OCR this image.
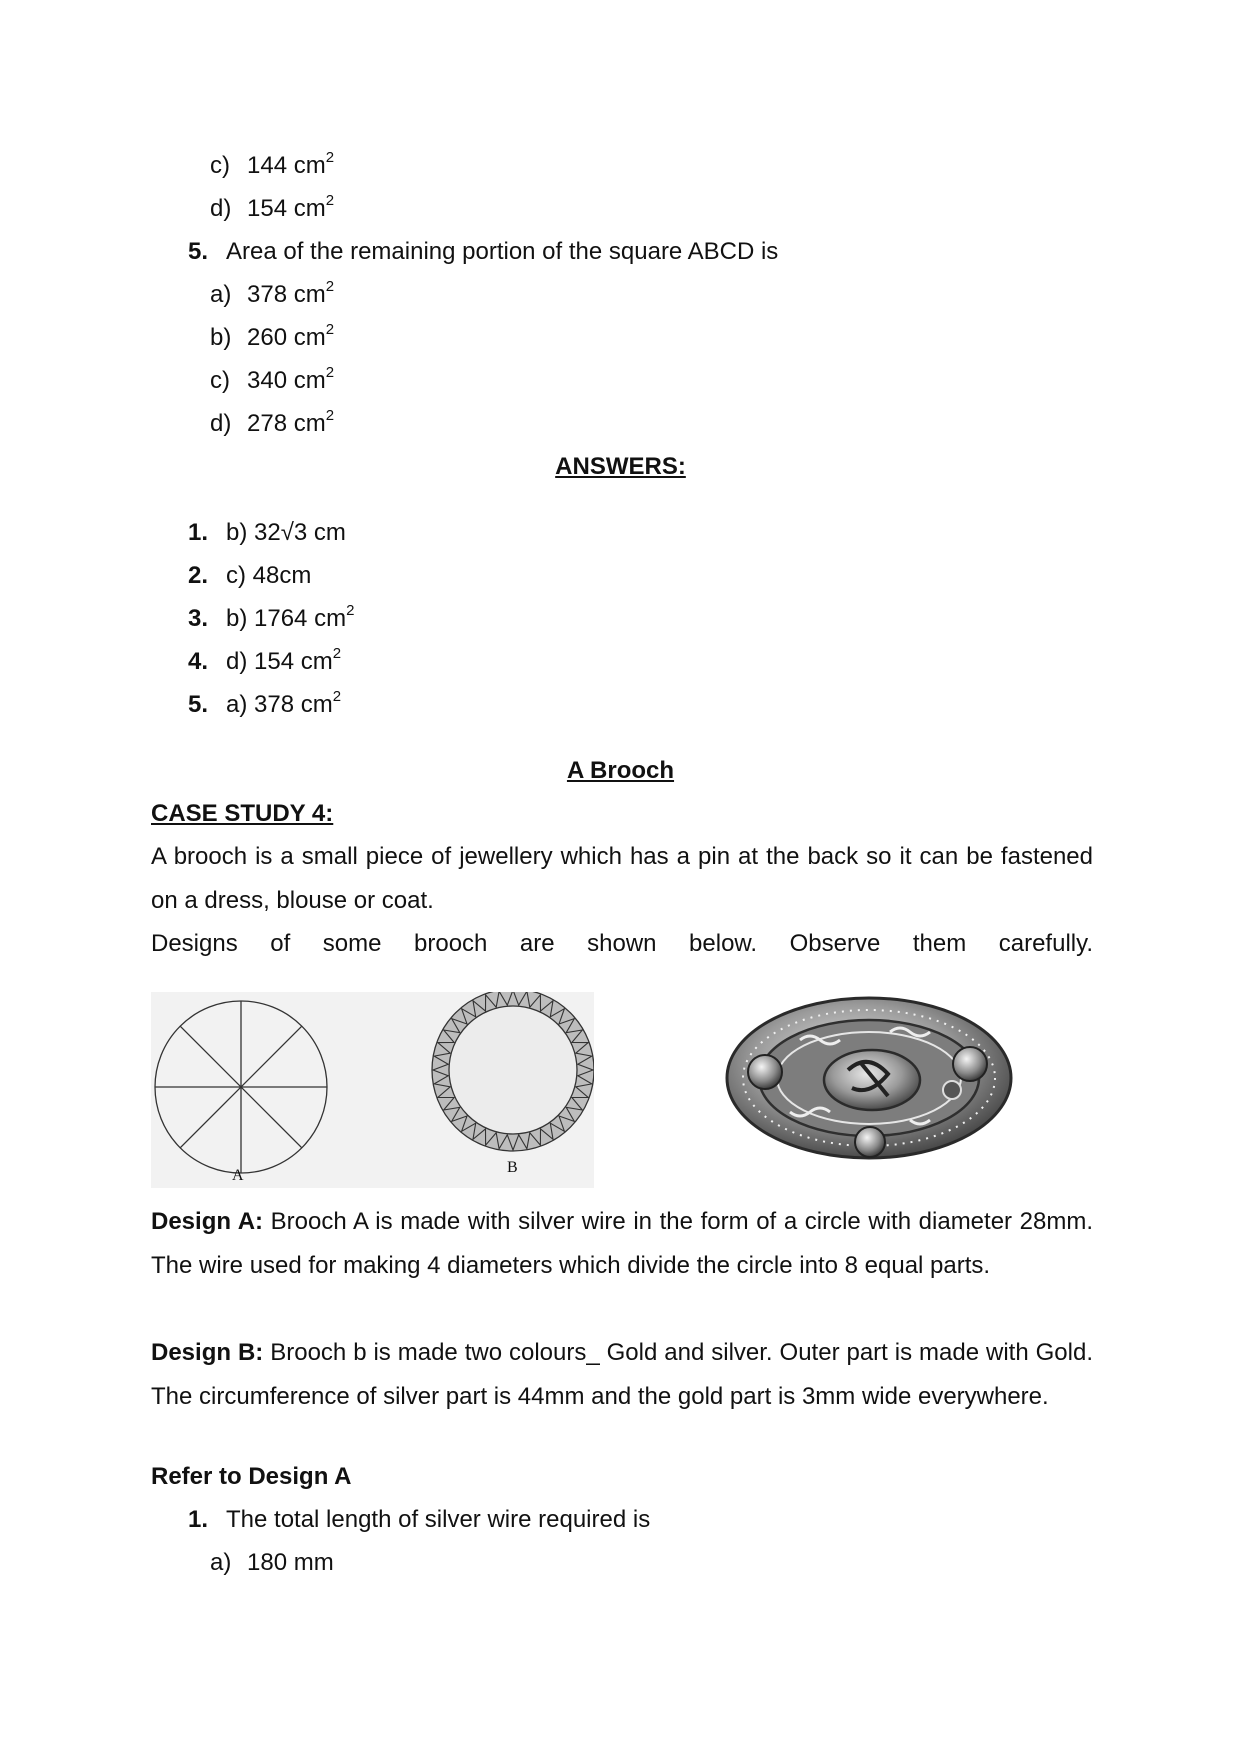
c) 144 $cm^2$
d) 154 $cm^2$
5. Area of the remaining portion of the square ABCD is
a) 378 $cm^2$
b) 260 $cm^2$
c) 340 $cm^2$
d) 278 $cm^2$
ANSWERS:
1. b) 32√3 cm
2. c) 48cm
3. b) 1764 $cm^2$
4. d) 154 $cm^2$
5. a) 378 $cm^2$
A Brooch
CASE STUDY 4:
A brooch is a small piece of jewellery which has a pin at the back so it can be fastened on a dress, blouse or coat.
Designs of some brooch are shown below. Observe them carefully.
A	B
Design A: Brooch A is made with silver wire in the form of a circle with diameter 28mm. The wire used for making 4 diameters which divide the circle into 8 equal parts.
Design B: Brooch b is made two colours_ Gold and silver. Outer part is made with Gold. The circumference of silver part is 44mm and the gold part is 3mm wide everywhere.
Refer to Design A
1. The total length of silver wire required is
a) 180 mm
